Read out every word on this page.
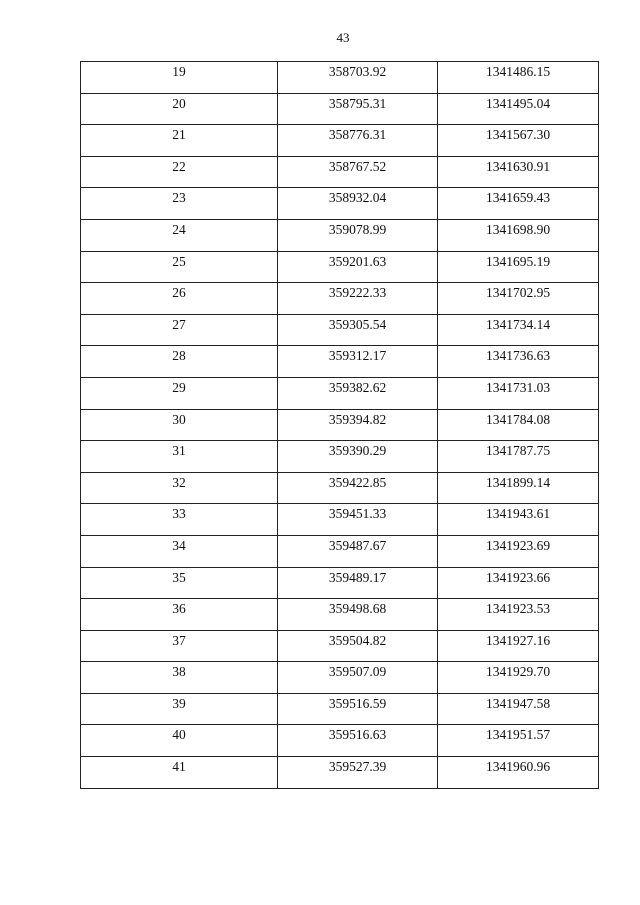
43
19	358703.92	1341486.15
20	358795.31	1341495.04
21	358776.31	1341567.30
22	358767.52	1341630.91
23	358932.04	1341659.43
24	359078.99	1341698.90
25	359201.63	1341695.19
26	359222.33	1341702.95
27	359305.54	1341734.14
28	359312.17	1341736.63
29	359382.62	1341731.03
30	359394.82	1341784.08
31	359390.29	1341787.75
32	359422.85	1341899.14
33	359451.33	1341943.61
34	359487.67	1341923.69
35	359489.17	1341923.66
36	359498.68	1341923.53
37	359504.82	1341927.16
38	359507.09	1341929.70
39	359516.59	1341947.58
40	359516.63	1341951.57
41	359527.39	1341960.96
